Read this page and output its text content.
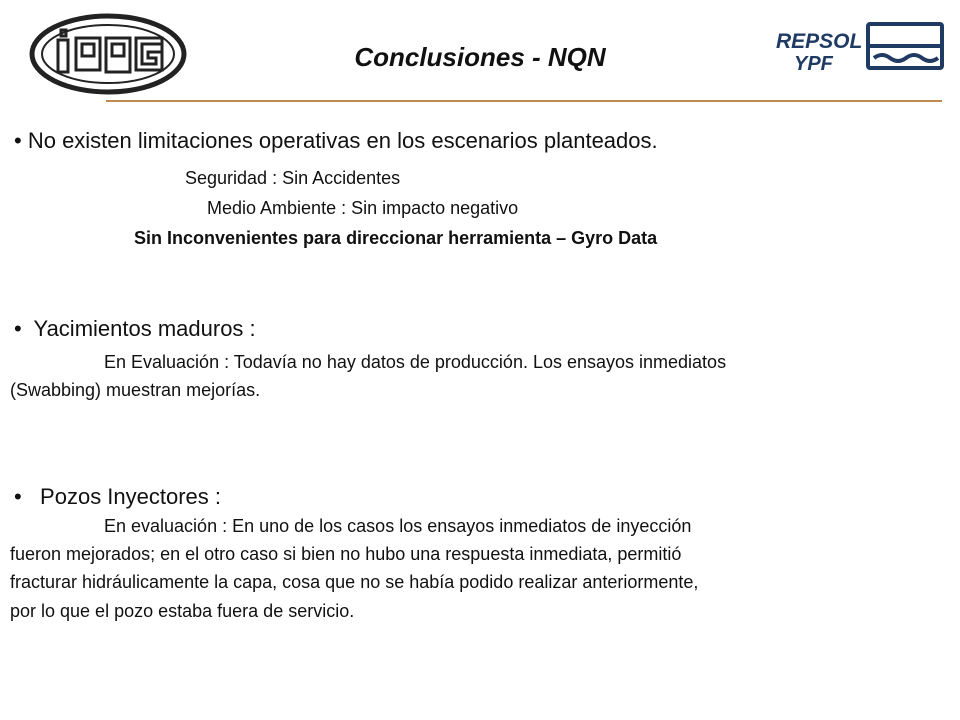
Conclusiones - NQN
REPSOL
YPF
• No existen limitaciones operativas en los escenarios planteados.
Seguridad : Sin Accidentes
Medio Ambiente : Sin impacto negativo
Sin Inconvenientes para direccionar herramienta – Gyro Data
• Yacimientos maduros :
En Evaluación : Todavía no hay datos de producción. Los ensayos inmediatos
(Swabbing) muestran mejorías.
• Pozos Inyectores :
En evaluación : En uno de los casos los ensayos inmediatos de inyección
fueron mejorados; en el otro caso si bien no hubo una respuesta inmediata, permitió
fracturar hidráulicamente la capa, cosa que no se había podido realizar anteriormente,
por lo que el pozo estaba fuera de servicio.
